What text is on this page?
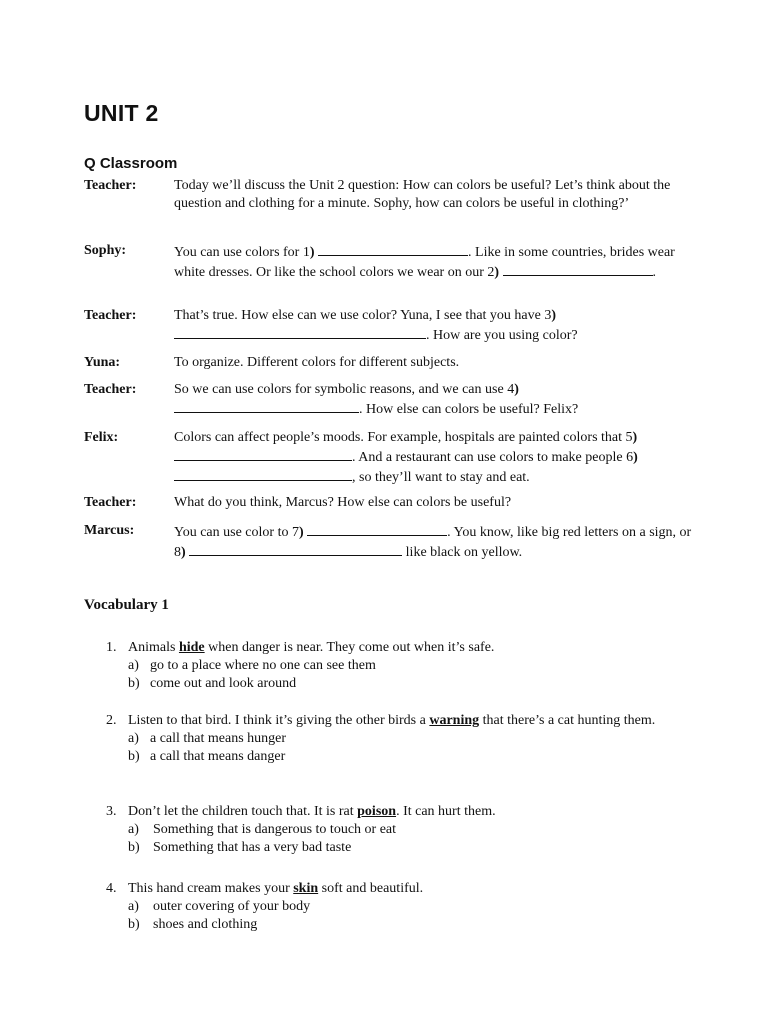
UNIT 2
Q Classroom
Teacher:	Today we’ll discuss the Unit 2 question: How can colors be useful? Let’s think about the question and clothing for a minute. Sophy, how can colors be useful in clothing?’
Sophy:	You can use colors for 1)	. Like in some countries, brides wear white dresses. Or like the school colors we wear on our 2)	.
Teacher:	That’s true. How else can we use color? Yuna, I see that you have 3) . How are you using color?
Yuna:	To organize. Different colors for different subjects.
Teacher:	So we can use colors for symbolic reasons, and we can use 4) . How else can colors be useful? Felix?
Felix:	Colors can affect people’s moods. For example, hospitals are painted colors that 5) . And a restaurant can use colors to make people 6) , so they’ll want to stay and eat.
Teacher:	What do you think, Marcus? How else can colors be useful?
Marcus:	You can use color to 7)	. You know, like big red letters on a sign, or 8)	like black on yellow.
Vocabulary 1
1. Animals hide when danger is near. They come out when it’s safe.
a) go to a place where no one can see them
b) come out and look around
2. Listen to that bird. I think it’s giving the other birds a warning that there’s a cat hunting them.
a) a call that means hunger
b) a call that means danger
3. Don’t let the children touch that. It is rat poison. It can hurt them.
a) Something that is dangerous to touch or eat
b) Something that has a very bad taste
4. This hand cream makes your skin soft and beautiful.
a) outer covering of your body
b) shoes and clothing
